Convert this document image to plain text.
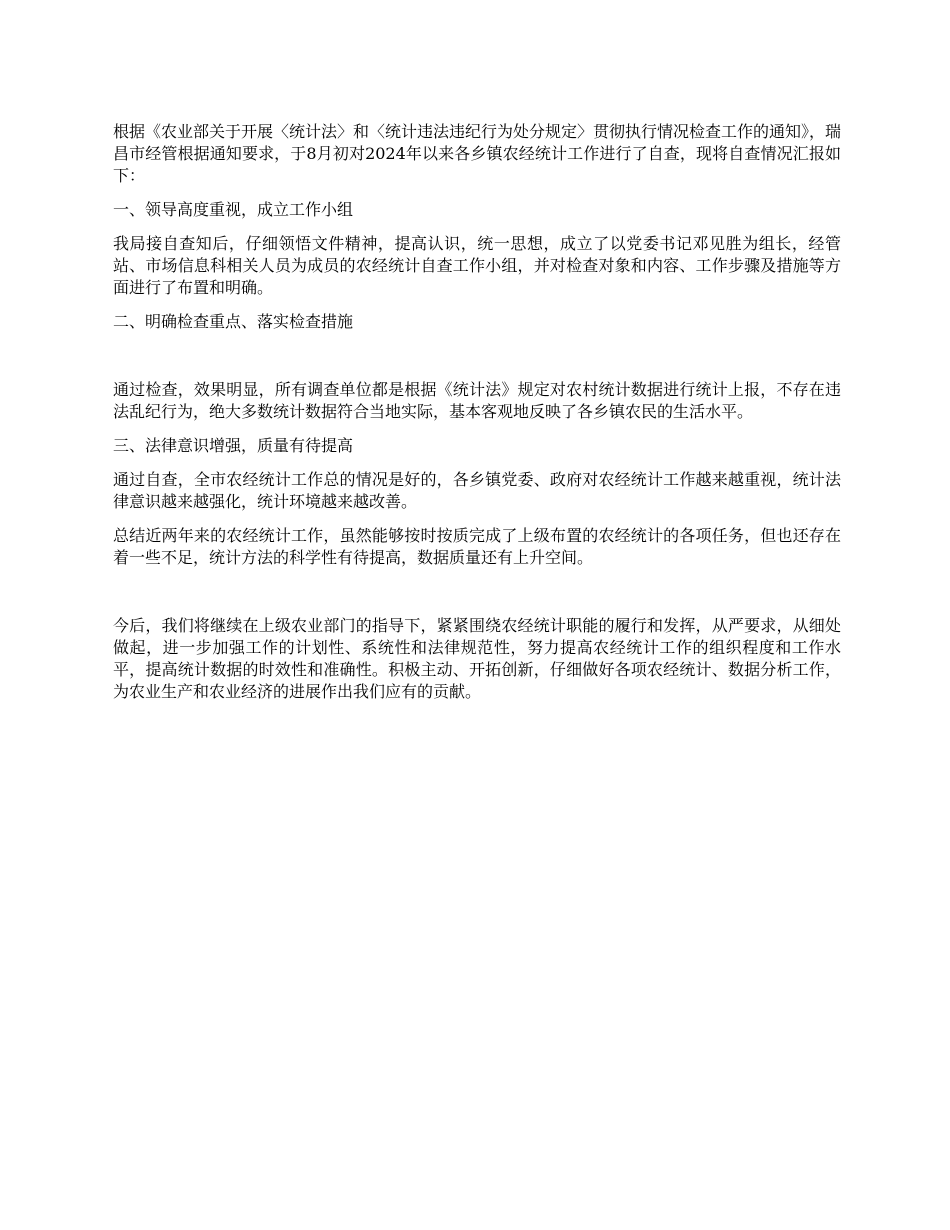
根据《农业部关于开展〈统计法〉和〈统计违法违纪行为处分规定〉贯彻执行情况检查工作的通知》，瑞昌市经管根据通知要求，于8月初对2024年以来各乡镇农经统计工作进行了自查，现将自查情况汇报如下：

一、领导高度重视，成立工作小组

我局接自查知后，仔细领悟文件精神，提高认识，统一思想，成立了以党委书记邓见胜为组长，经管站、市场信息科相关人员为成员的农经统计自查工作小组，并对检查对象和内容、工作步骤及措施等方面进行了布置和明确。

二、明确检查重点、落实检查措施

通过检查，效果明显，所有调查单位都是根据《统计法》规定对农村统计数据进行统计上报，不存在违法乱纪行为，绝大多数统计数据符合当地实际，基本客观地反映了各乡镇农民的生活水平。

三、法律意识增强，质量有待提高

通过自查，全市农经统计工作总的情况是好的，各乡镇党委、政府对农经统计工作越来越重视，统计法律意识越来越强化，统计环境越来越改善。

总结近两年来的农经统计工作，虽然能够按时按质完成了上级布置的农经统计的各项任务，但也还存在着一些不足，统计方法的科学性有待提高，数据质量还有上升空间。

今后，我们将继续在上级农业部门的指导下，紧紧围绕农经统计职能的履行和发挥，从严要求，从细处做起，进一步加强工作的计划性、系统性和法律规范性，努力提高农经统计工作的组织程度和工作水平，提高统计数据的时效性和准确性。积极主动、开拓创新，仔细做好各项农经统计、数据分析工作，为农业生产和农业经济的进展作出我们应有的贡献。
